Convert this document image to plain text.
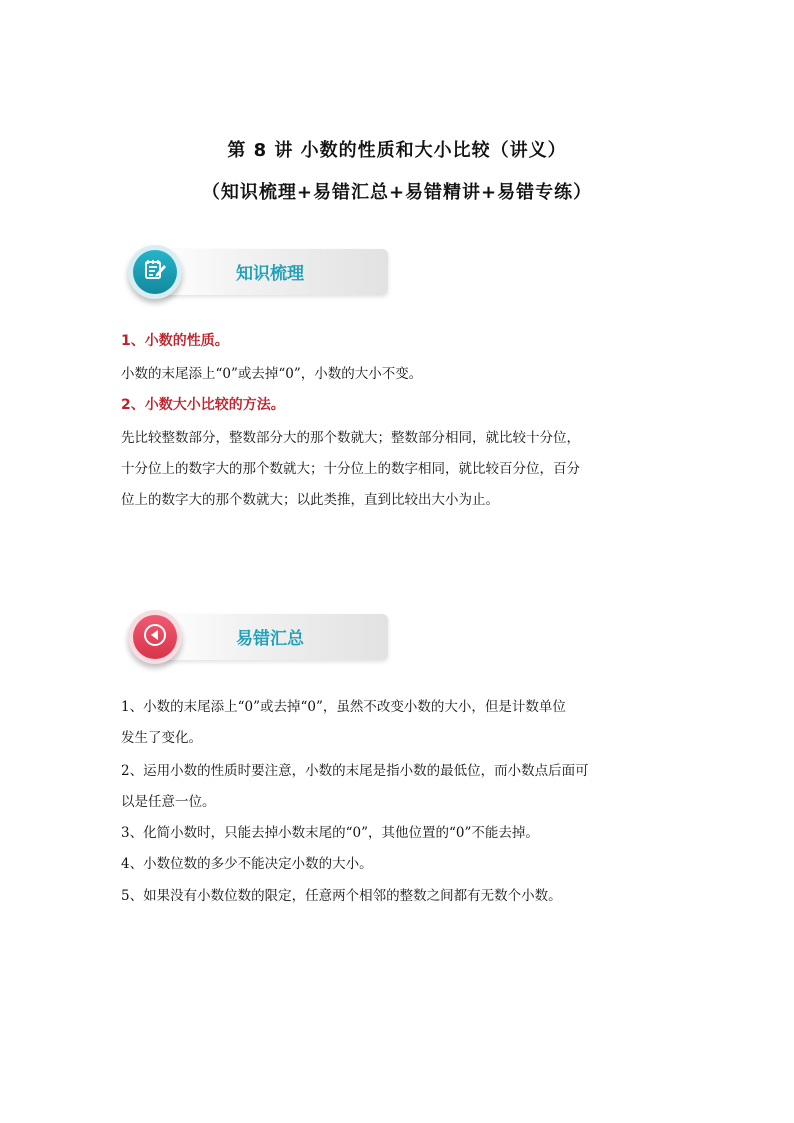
第 8 讲 小数的性质和大小比较（讲义）
（知识梳理+易错汇总+易错精讲+易错专练）
知识梳理
1、小数的性质。
小数的末尾添上“0”或去掉“0”，小数的大小不变。
2、小数大小比较的方法。
先比较整数部分，整数部分大的那个数就大；整数部分相同，就比较十分位，
十分位上的数字大的那个数就大；十分位上的数字相同，就比较百分位，百分
位上的数字大的那个数就大；以此类推，直到比较出大小为止。
易错汇总
1、小数的末尾添上“0”或去掉“0”，虽然不改变小数的大小，但是计数单位
发生了变化。
2、运用小数的性质时要注意，小数的末尾是指小数的最低位，而小数点后面可
以是任意一位。
3、化简小数时，只能去掉小数末尾的“0”，其他位置的“0”不能去掉。
4、小数位数的多少不能决定小数的大小。
5、如果没有小数位数的限定，任意两个相邻的整数之间都有无数个小数。
